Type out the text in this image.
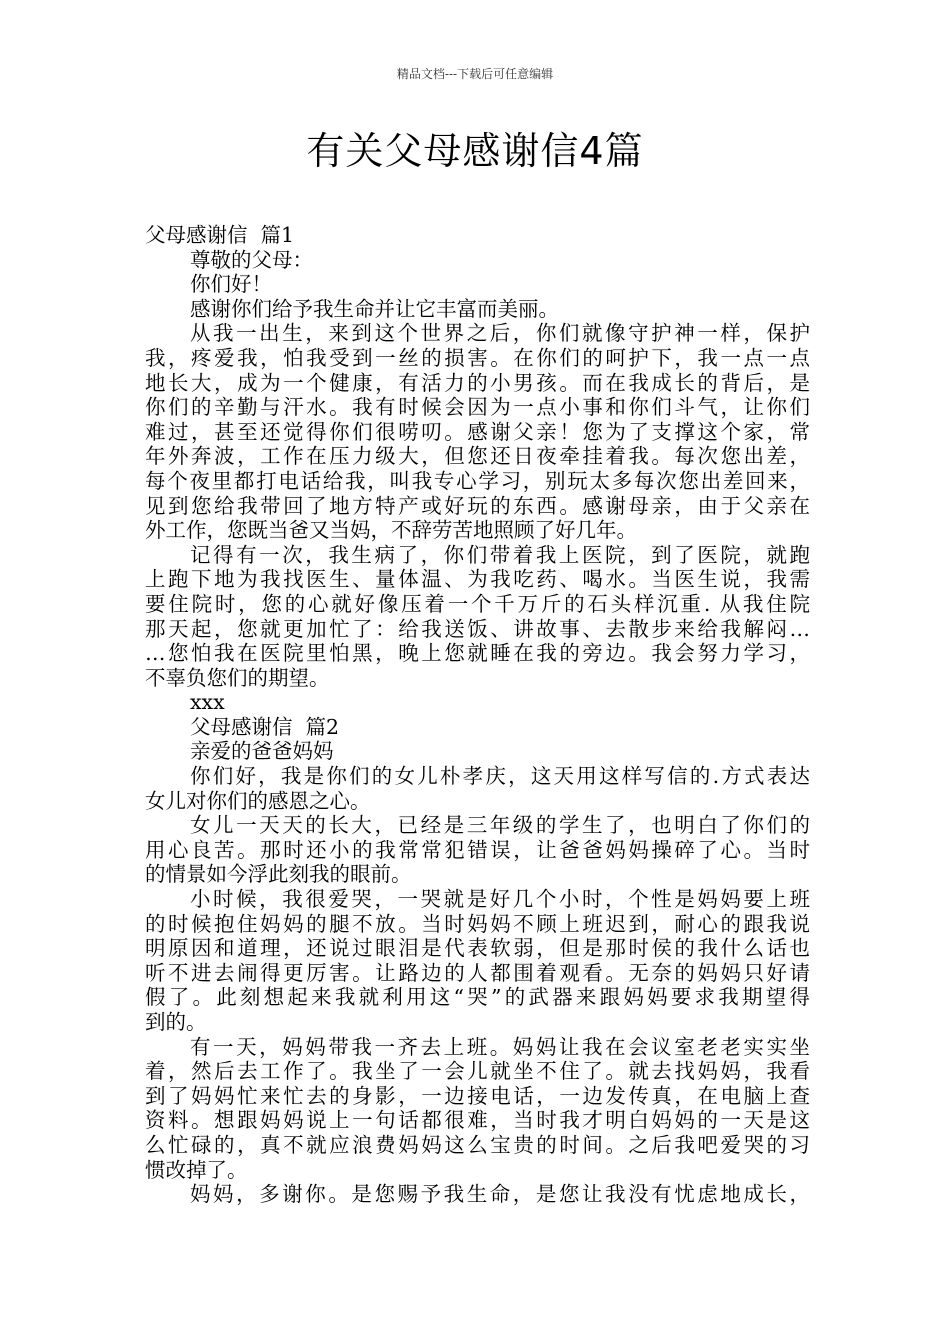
精品文档---下载后可任意编辑
有关父母感谢信4篇
父母感谢信  篇1
尊敬的父母：
你们好！
感谢你们给予我生命并让它丰富而美丽。
从我一出生，来到这个世界之后，你们就像守护神一样，保护
我，疼爱我，怕我受到一丝的损害。在你们的呵护下，我一点一点
地长大，成为一个健康，有活力的小男孩。而在我成长的背后，是
你们的辛勤与汗水。我有时候会因为一点小事和你们斗气，让你们
难过，甚至还觉得你们很唠叨。感谢父亲！您为了支撑这个家，常
年外奔波，工作在压力级大，但您还日夜牵挂着我。每次您出差，
每个夜里都打电话给我，叫我专心学习，别玩太多每次您出差回来，
见到您给我带回了地方特产或好玩的东西。感谢母亲，由于父亲在
外工作，您既当爸又当妈，不辞劳苦地照顾了好几年。
记得有一次，我生病了，你们带着我上医院，到了医院，就跑
上跑下地为我找医生、量体温、为我吃药、喝水。当医生说，我需
要住院时，您的心就好像压着一个千万斤的石头样沉重. 从我住院
那天起，您就更加忙了：给我送饭、讲故事、去散步来给我解闷…
…您怕我在医院里怕黑，晚上您就睡在我的旁边。我会努力学习，
不辜负您们的期望。
xxx
父母感谢信  篇2
亲爱的爸爸妈妈
你们好，我是你们的女儿朴孝庆，这天用这样写信的.方式表达
女儿对你们的感恩之心。
女儿一天天的长大，已经是三年级的学生了，也明白了你们的
用心良苦。那时还小的我常常犯错误，让爸爸妈妈操碎了心。当时
的情景如今浮此刻我的眼前。
小时候，我很爱哭，一哭就是好几个小时，个性是妈妈要上班
的时候抱住妈妈的腿不放。当时妈妈不顾上班迟到，耐心的跟我说
明原因和道理，还说过眼泪是代表软弱，但是那时侯的我什么话也
听不进去闹得更厉害。让路边的人都围着观看。无奈的妈妈只好请
假了。此刻想起来我就利用这“哭”的武器来跟妈妈要求我期望得
到的。
有一天，妈妈带我一齐去上班。妈妈让我在会议室老老实实坐
着，然后去工作了。我坐了一会儿就坐不住了。就去找妈妈，我看
到了妈妈忙来忙去的身影，一边接电话，一边发传真，在电脑上查
资料。想跟妈妈说上一句话都很难，当时我才明白妈妈的一天是这
么忙碌的，真不就应浪费妈妈这么宝贵的时间。之后我吧爱哭的习
惯改掉了。
妈妈，多谢你。是您赐予我生命，是您让我没有忧虑地成长，
